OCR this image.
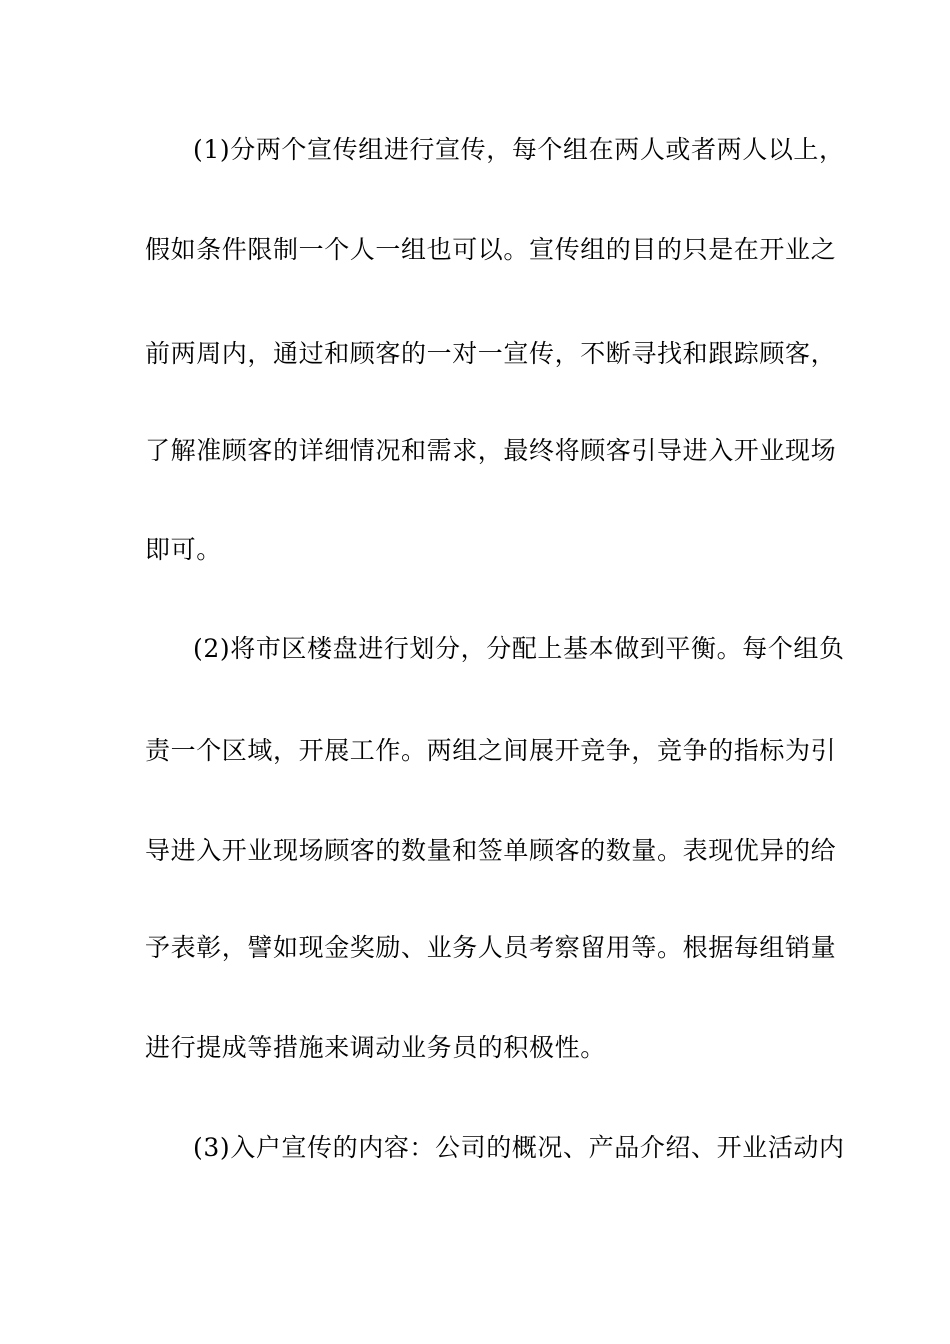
(1)分两个宣传组进行宣传，每个组在两人或者两人以上，
假如条件限制一个人一组也可以。宣传组的目的只是在开业之
前两周内，通过和顾客的一对一宣传，不断寻找和跟踪顾客，
了解准顾客的详细情况和需求，最终将顾客引导进入开业现场
即可。
(2)将市区楼盘进行划分，分配上基本做到平衡。每个组负
责一个区域，开展工作。两组之间展开竞争，竞争的指标为引
导进入开业现场顾客的数量和签单顾客的数量。表现优异的给
予表彰，譬如现金奖励、业务人员考察留用等。根据每组销量
进行提成等措施来调动业务员的积极性。
(3)入户宣传的内容：公司的概况、产品介绍、开业活动内
